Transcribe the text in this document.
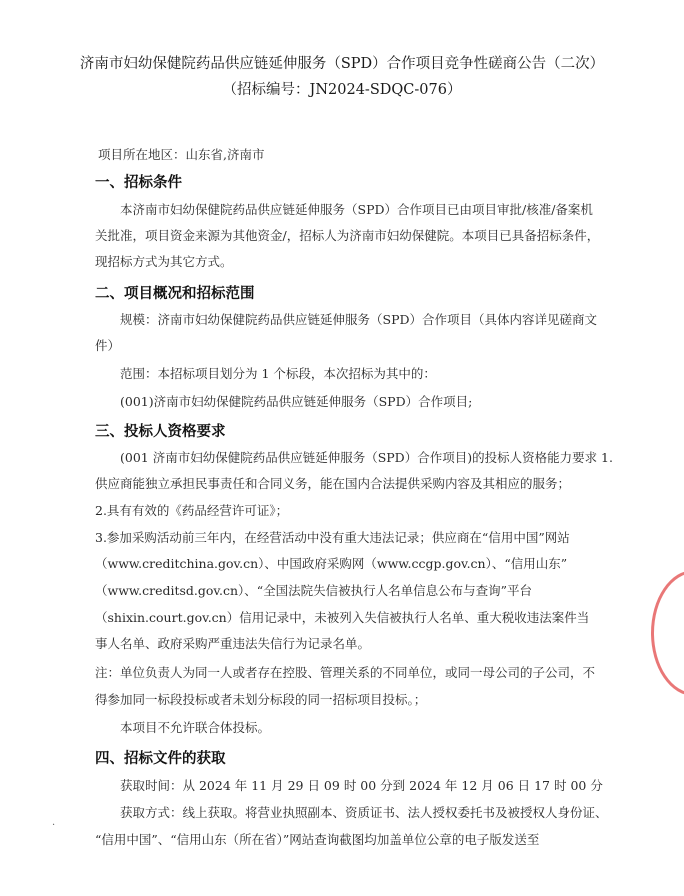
济南市妇幼保健院药品供应链延伸服务（SPD）合作项目竞争性磋商公告（二次）
（招标编号：JN2024-SDQC-076）
项目所在地区：山东省,济南市
一、招标条件
本济南市妇幼保健院药品供应链延伸服务（SPD）合作项目已由项目审批/核准/备案机
关批准，项目资金来源为其他资金/，招标人为济南市妇幼保健院。本项目已具备招标条件，
现招标方式为其它方式。
二、项目概况和招标范围
规模：济南市妇幼保健院药品供应链延伸服务（SPD）合作项目（具体内容详见磋商文
件）
范围：本招标项目划分为 1 个标段，本次招标为其中的：
(001)济南市妇幼保健院药品供应链延伸服务（SPD）合作项目;
三、投标人资格要求
(001 济南市妇幼保健院药品供应链延伸服务（SPD）合作项目)的投标人资格能力要求 1.
供应商能独立承担民事责任和合同义务，能在国内合法提供采购内容及其相应的服务；
2.具有有效的《药品经营许可证》；
3.参加采购活动前三年内，在经营活动中没有重大违法记录；供应商在“信用中国”网站
（www.creditchina.gov.cn）、中国政府采购网（www.ccgp.gov.cn）、“信用山东”
（www.creditsd.gov.cn）、“全国法院失信被执行人名单信息公布与查询”平台
（shixin.court.gov.cn）信用记录中，未被列入失信被执行人名单、重大税收违法案件当
事人名单、政府采购严重违法失信行为记录名单。
注：单位负责人为同一人或者存在控股、管理关系的不同单位，或同一母公司的子公司，不
得参加同一标段投标或者未划分标段的同一招标项目投标。；
本项目不允许联合体投标。
四、招标文件的获取
获取时间：从 2024 年 11 月 29 日 09 时 00 分到 2024 年 12 月 06 日 17 时 00 分
获取方式：线上获取。将营业执照副本、资质证书、法人授权委托书及被授权人身份证、
“信用中国”、“信用山东（所在省）”网站查询截图均加盖单位公章的电子版发送至
·
